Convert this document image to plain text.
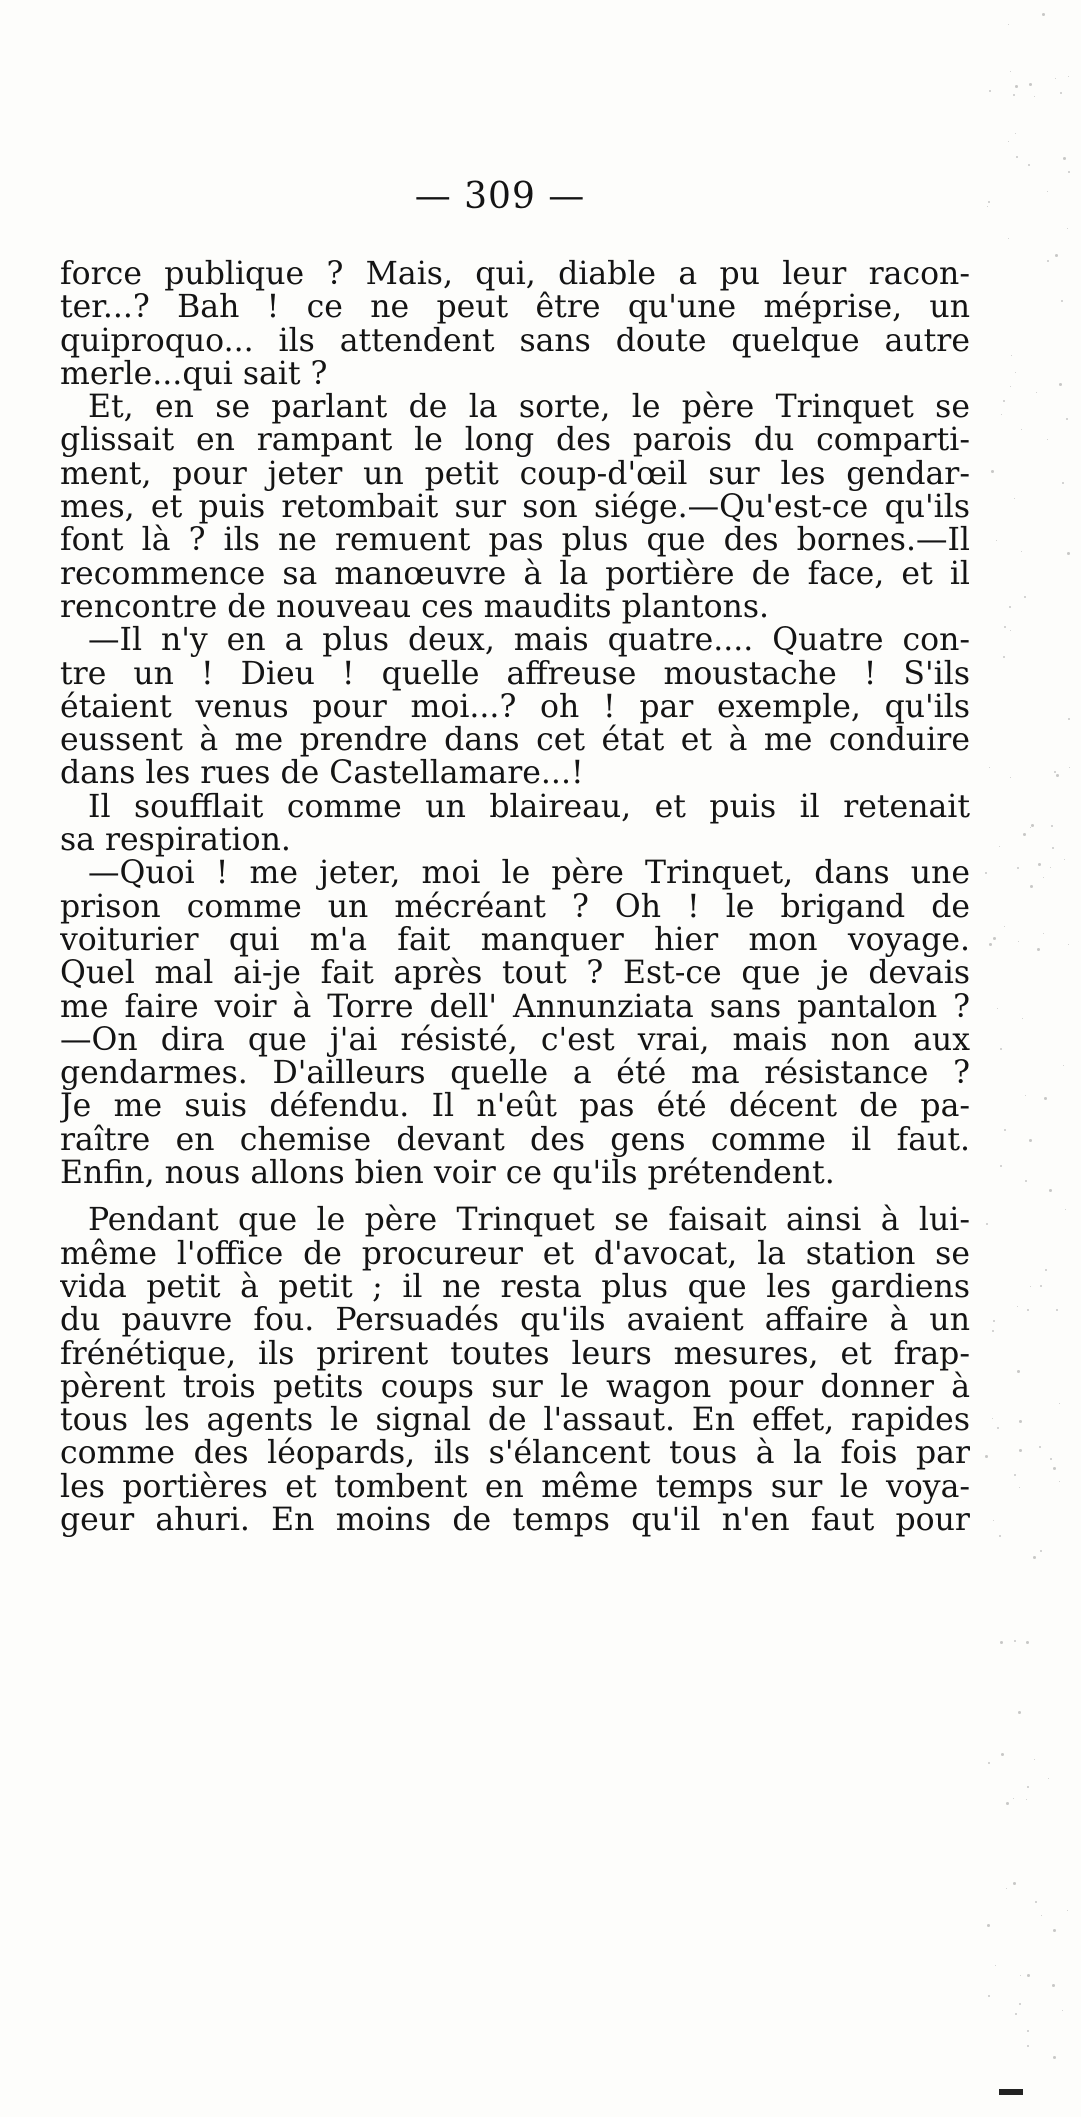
— 309 —
force publique ? Mais, qui, diable a pu leur racon-
ter...? Bah ! ce ne peut être qu'une méprise, un
quiproquo... ils attendent sans doute quelque autre
merle...qui sait ?
Et, en se parlant de la sorte, le père Trinquet se
glissait en rampant le long des parois du comparti-
ment, pour jeter un petit coup-d'œil sur les gendar-
mes, et puis retombait sur son siége.—Qu'est-ce qu'ils
font là ? ils ne remuent pas plus que des bornes.—Il
recommence sa manœuvre à la portière de face, et il
rencontre de nouveau ces maudits plantons.
—Il n'y en a plus deux, mais quatre.... Quatre con-
tre un ! Dieu ! quelle affreuse moustache ! S'ils
étaient venus pour moi...? oh ! par exemple, qu'ils
eussent à me prendre dans cet état et à me conduire
dans les rues de Castellamare...!
Il soufflait comme un blaireau, et puis il retenait
sa respiration.
—Quoi ! me jeter, moi le père Trinquet, dans une
prison comme un mécréant ? Oh ! le brigand de
voiturier qui m'a fait manquer hier mon voyage.
Quel mal ai-je fait après tout ? Est-ce que je devais
me faire voir à Torre dell' Annunziata sans pantalon ?
—On dira que j'ai résisté, c'est vrai, mais non aux
gendarmes. D'ailleurs quelle a été ma résistance ?
Je me suis défendu. Il n'eût pas été décent de pa-
raître en chemise devant des gens comme il faut.
Enfin, nous allons bien voir ce qu'ils prétendent.
Pendant que le père Trinquet se faisait ainsi à lui-
même l'office de procureur et d'avocat, la station se
vida petit à petit ; il ne resta plus que les gardiens
du pauvre fou. Persuadés qu'ils avaient affaire à un
frénétique, ils prirent toutes leurs mesures, et frap-
pèrent trois petits coups sur le wagon pour donner à
tous les agents le signal de l'assaut. En effet, rapides
comme des léopards, ils s'élancent tous à la fois par
les portières et tombent en même temps sur le voya-
geur ahuri. En moins de temps qu'il n'en faut pour
